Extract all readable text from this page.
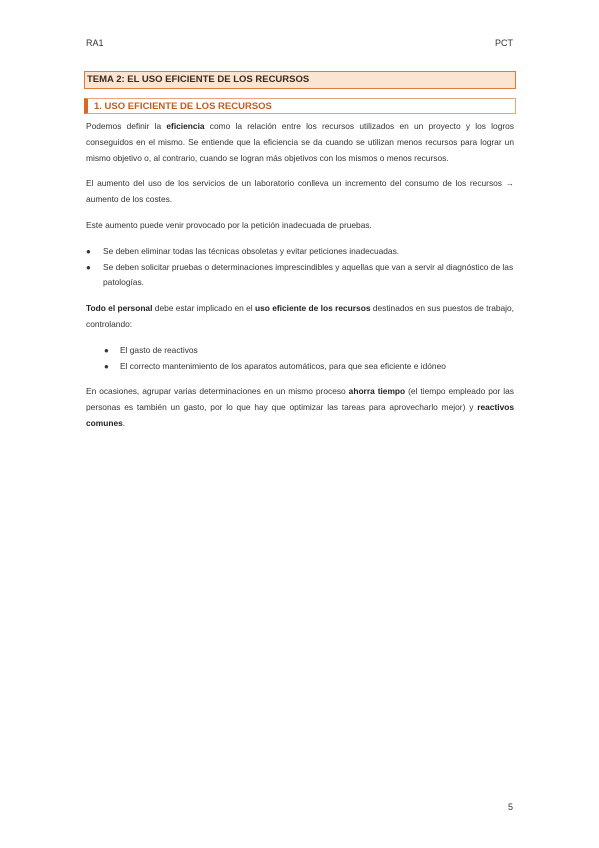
RA1	PCT
TEMA 2: EL USO EFICIENTE DE LOS RECURSOS
1. USO EFICIENTE DE LOS RECURSOS

Podemos definir la eficiencia como la relación entre los recursos utilizados en un proyecto y los logros conseguidos en el mismo. Se entiende que la eficiencia se da cuando se utilizan menos recursos para lograr un mismo objetivo o, al contrario, cuando se logran más objetivos con los mismos o menos recursos.

El aumento del uso de los servicios de un laboratorio conlleva un incremento del consumo de los recursos → aumento de los costes.

Este aumento puede venir provocado por la petición inadecuada de pruebas.

● Se deben eliminar todas las técnicas obsoletas y evitar peticiones inadecuadas.
● Se deben solicitar pruebas o determinaciones imprescindibles y aquellas que van a servir al diagnóstico de las patologías.

Todo el personal debe estar implicado en el uso eficiente de los recursos destinados en sus puestos de trabajo, controlando:

● El gasto de reactivos
● El correcto mantenimiento de los aparatos automáticos, para que sea eficiente e idóneo

En ocasiones, agrupar varias determinaciones en un mismo proceso ahorra tiempo (el tiempo empleado por las personas es también un gasto, por lo que hay que optimizar las tareas para aprovecharlo mejor) y reactivos comunes.

5
